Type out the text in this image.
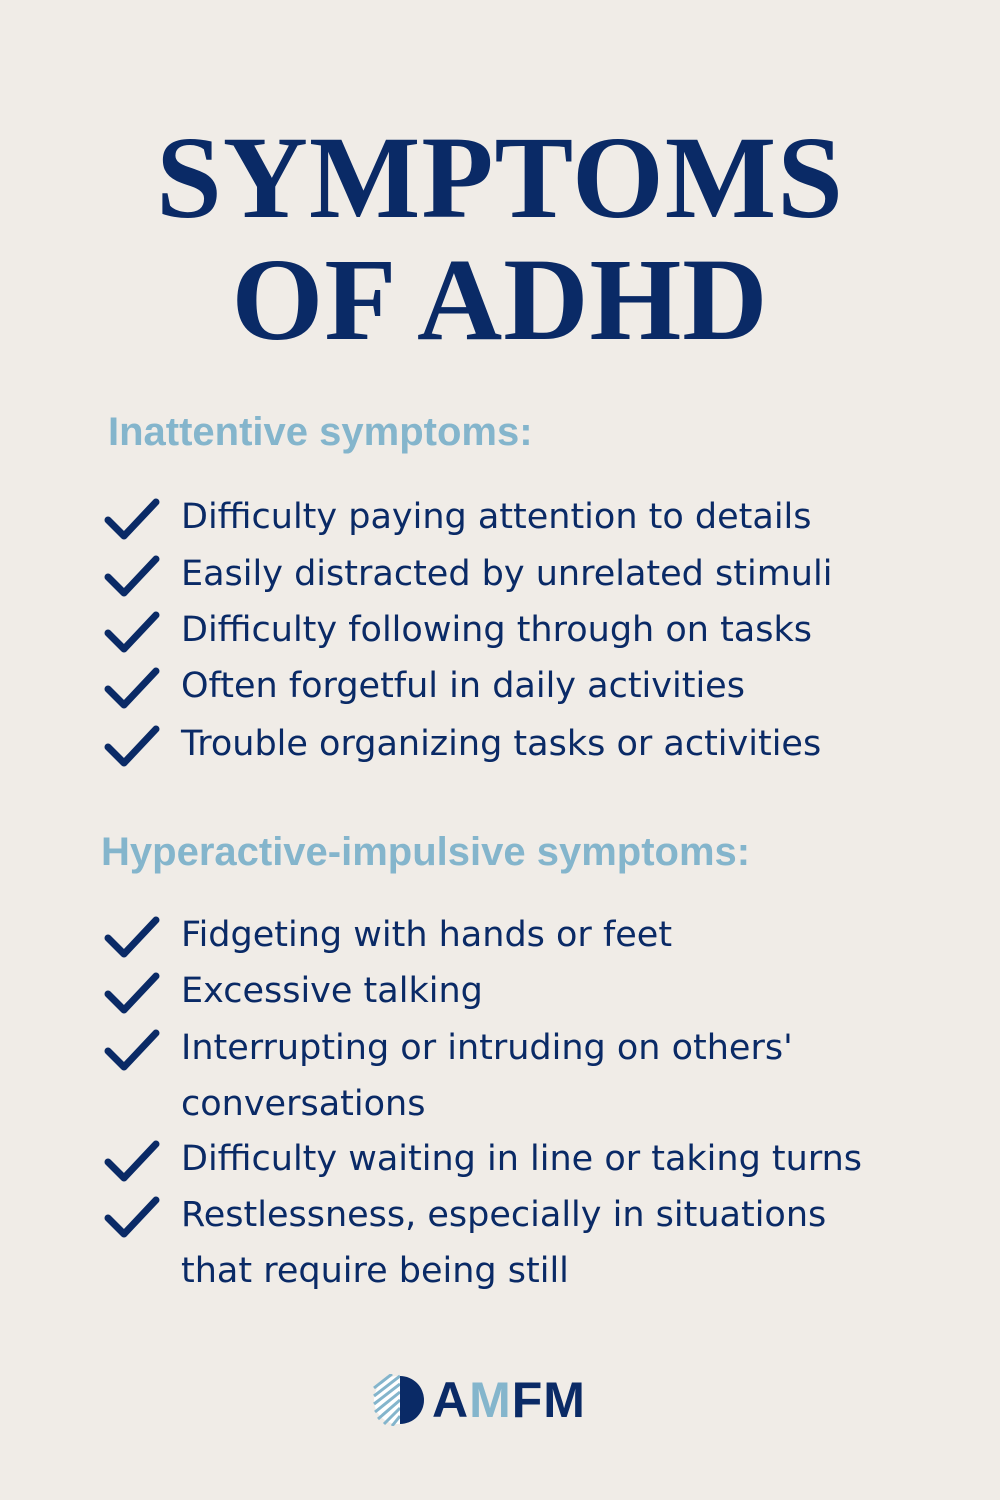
SYMPTOMS
OF ADHD
Inattentive symptoms:
Difficulty paying attention to details
Easily distracted by unrelated stimuli
Difficulty following through on tasks
Often forgetful in daily activities
Trouble organizing tasks or activities
Hyperactive-impulsive symptoms:
Fidgeting with hands or feet
Excessive talking
Interrupting or intruding on others' conversations
Difficulty waiting in line or taking turns
Restlessness, especially in situations that require being still
AMFM
